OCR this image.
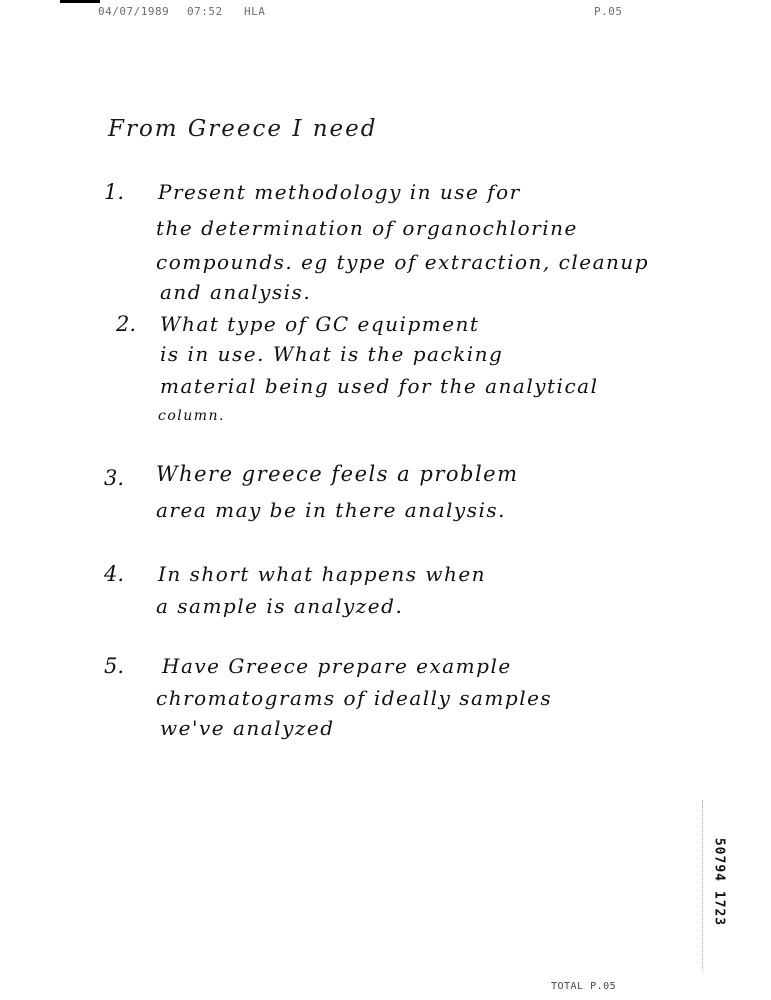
04/07/1989 07:52 HLA	P.05
From Greece I need
1. Present methodology in use for
the determination of organochlorine
compounds. eg type of extraction, cleanup
and analysis.
2. What type of GC equipment
is in use. What is the packing
material being used for the analytical
column.
3. Where greece feels a problem
area may be in there analysis.
4. In short what happens when
a sample is analyzed.
5. Have Greece prepare example
chromatograms of ideally samples
we've analyzed
50794 1723
TOTAL P.05
